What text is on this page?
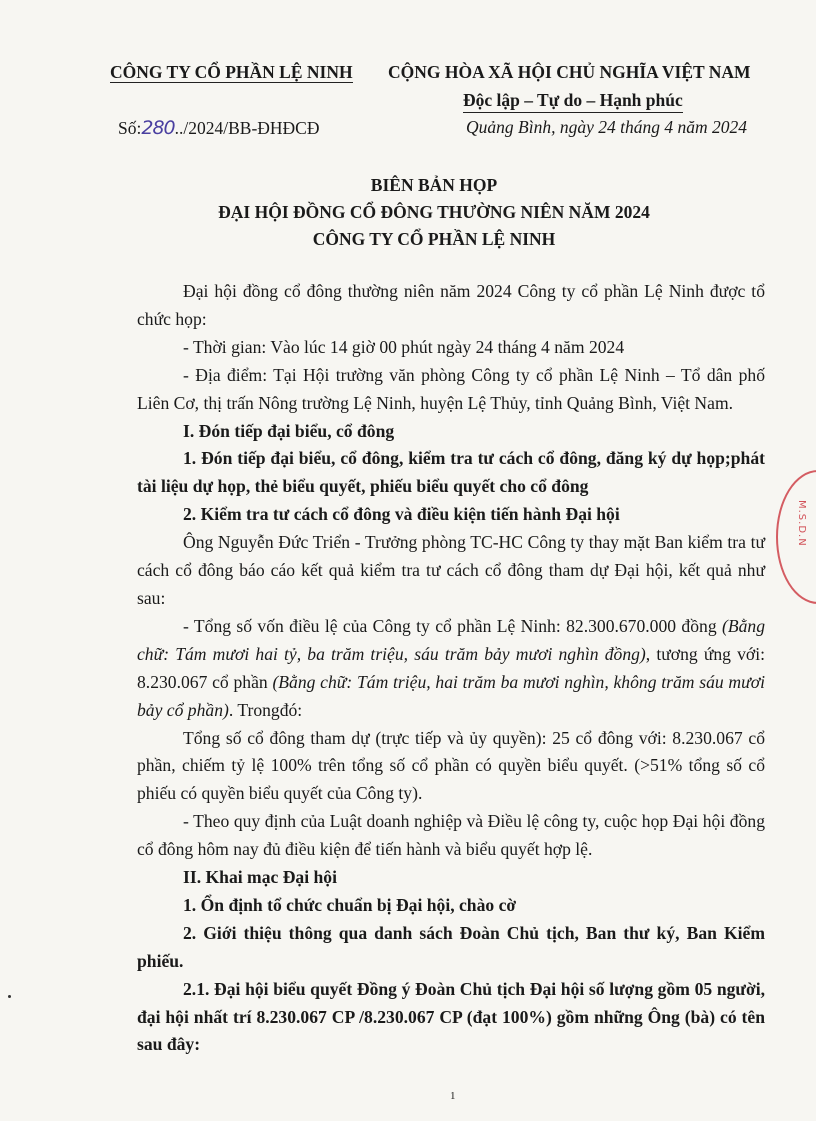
CÔNG TY CỔ PHẦN LỆ NINH CỘNG HÒA XÃ HỘI CHỦ NGHĨA VIỆT NAM
Độc lập – Tự do – Hạnh phúc
Số:280../2024/BB-ĐHĐCĐ	Quảng Bình, ngày 24 tháng 4 năm 2024
BIÊN BẢN HỌP
ĐẠI HỘI ĐỒNG CỔ ĐÔNG THƯỜNG NIÊN NĂM 2024
CÔNG TY CỔ PHẦN LỆ NINH

Đại hội đồng cổ đông thường niên năm 2024 Công ty cổ phần Lệ Ninh được tổ chức họp:

- Thời gian: Vào lúc 14 giờ 00 phút ngày 24 tháng 4 năm 2024

- Địa điểm: Tại Hội trường văn phòng Công ty cổ phần Lệ Ninh – Tổ dân phố Liên Cơ, thị trấn Nông trường Lệ Ninh, huyện Lệ Thủy, tỉnh Quảng Bình, Việt Nam.

I. Đón tiếp đại biểu, cổ đông

1. Đón tiếp đại biểu, cổ đông, kiểm tra tư cách cổ đông, đăng ký dự họp;phát tài liệu dự họp, thẻ biểu quyết, phiếu biểu quyết cho cổ đông

2. Kiểm tra tư cách cổ đông và điều kiện tiến hành Đại hội

Ông Nguyễn Đức Triển - Trưởng phòng TC-HC Công ty thay mặt Ban kiểm tra tư cách cổ đông báo cáo kết quả kiểm tra tư cách cổ đông tham dự Đại hội, kết quả như sau:

- Tổng số vốn điều lệ của Công ty cổ phần Lệ Ninh: 82.300.670.000 đồng (Bằng chữ: Tám mươi hai tỷ, ba trăm triệu, sáu trăm bảy mươi nghìn đồng), tương ứng với: 8.230.067 cổ phần (Bằng chữ: Tám triệu, hai trăm ba mươi nghìn, không trăm sáu mươi bảy cổ phần). Trongđó:

Tổng số cổ đông tham dự (trực tiếp và ủy quyền): 25 cổ đông với: 8.230.067 cổ phần, chiếm tỷ lệ 100% trên tổng số cổ phần có quyền biểu quyết. (>51% tổng số cổ phiếu có quyền biểu quyết của Công ty).

- Theo quy định của Luật doanh nghiệp và Điều lệ công ty, cuộc họp Đại hội đồng cổ đông hôm nay đủ điều kiện để tiến hành và biểu quyết hợp lệ.

II. Khai mạc Đại hội

1. Ổn định tổ chức chuẩn bị Đại hội, chào cờ

2. Giới thiệu thông qua danh sách Đoàn Chủ tịch, Ban thư ký, Ban Kiểm phiếu.

2.1. Đại hội biểu quyết Đồng ý Đoàn Chủ tịch Đại hội số lượng gồm 05 người, đại hội nhất trí 8.230.067 CP /8.230.067 CP (đạt 100%) gồm những Ông (bà) có tên sau đây:

M.S.D.N
1
